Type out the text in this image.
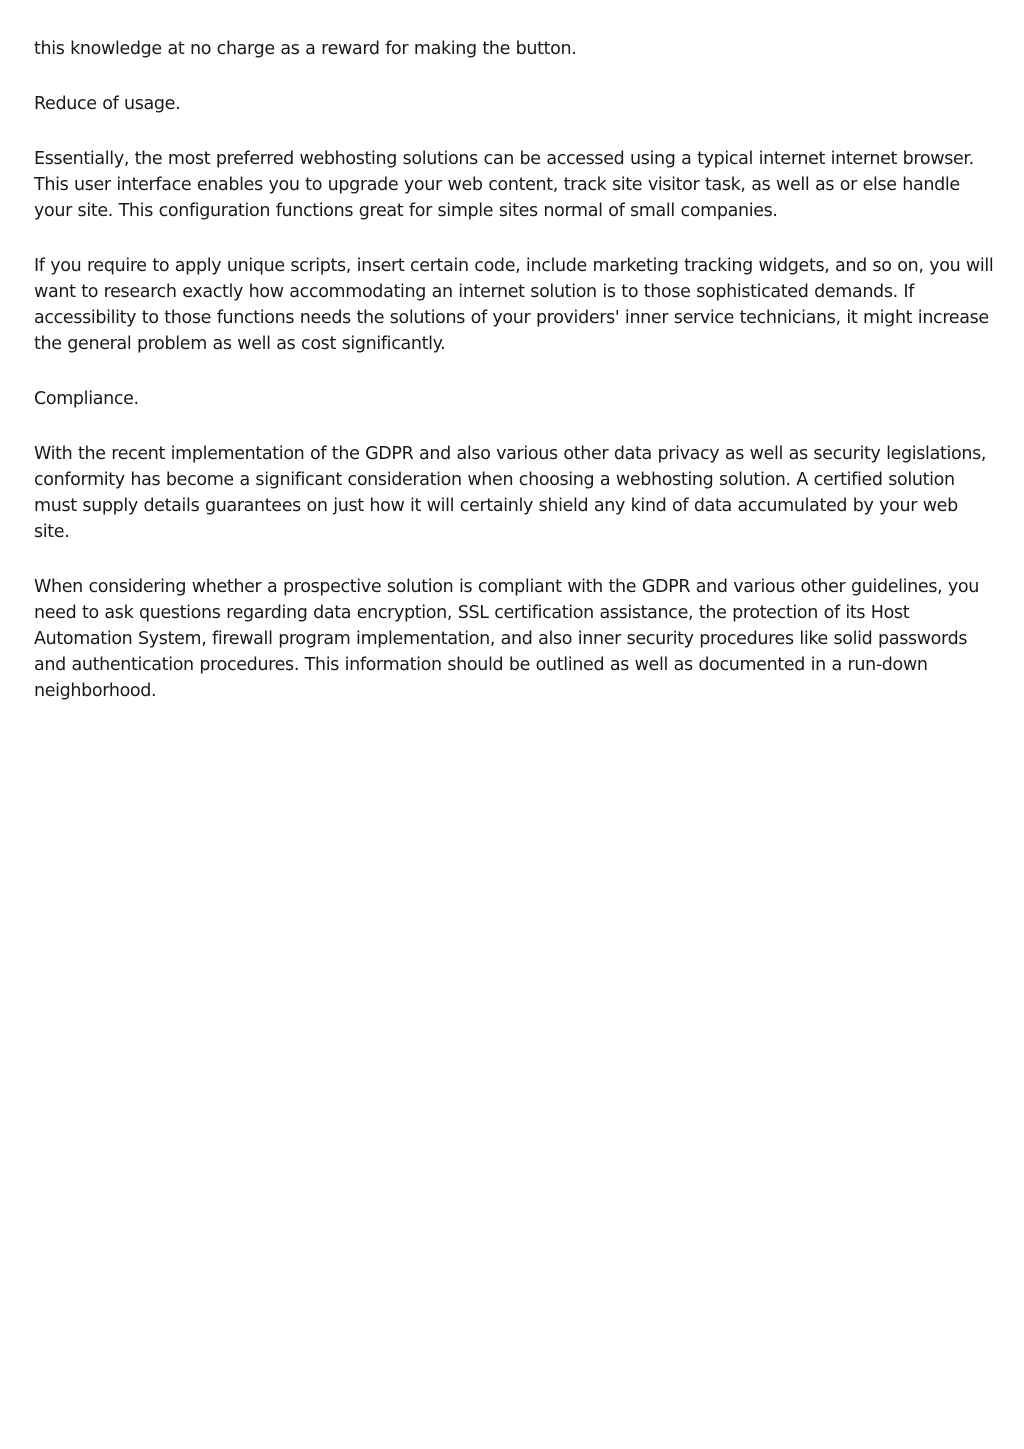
this knowledge at no charge as a reward for making the button.

Reduce of usage.

Essentially, the most preferred webhosting solutions can be accessed using a typical internet internet browser. This user interface enables you to upgrade your web content, track site visitor task, as well as or else handle your site. This configuration functions great for simple sites normal of small companies.

If you require to apply unique scripts, insert certain code, include marketing tracking widgets, and so on, you will want to research exactly how accommodating an internet solution is to those sophisticated demands. If accessibility to those functions needs the solutions of your providers' inner service technicians, it might increase the general problem as well as cost significantly.

Compliance.

With the recent implementation of the GDPR and also various other data privacy as well as security legislations, conformity has become a significant consideration when choosing a webhosting solution. A certified solution must supply details guarantees on just how it will certainly shield any kind of data accumulated by your web site.

When considering whether a prospective solution is compliant with the GDPR and various other guidelines, you need to ask questions regarding data encryption, SSL certification assistance, the protection of its Host Automation System, firewall program implementation, and also inner security procedures like solid passwords and authentication procedures. This information should be outlined as well as documented in a run-down neighborhood.
